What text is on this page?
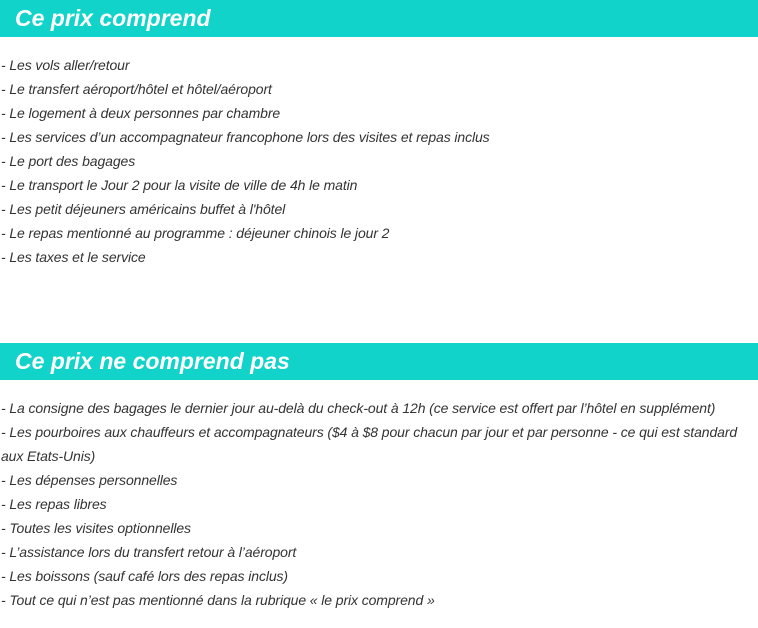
Ce prix comprend
- Les vols aller/retour
- Le transfert aéroport/hôtel et hôtel/aéroport
- Le logement à deux personnes par chambre
- Les services d’un accompagnateur francophone lors des visites et repas inclus
- Le port des bagages
- Le transport le Jour 2 pour la visite de ville de 4h le matin
- Les petit déjeuners américains buffet à l'hôtel
- Le repas mentionné au programme : déjeuner chinois le jour 2
- Les taxes et le service
Ce prix ne comprend pas
- La consigne des bagages le dernier jour au-delà du check-out à 12h (ce service est offert par l’hôtel en supplément)
- Les pourboires aux chauffeurs et accompagnateurs ($4 à $8 pour chacun par jour et par personne - ce qui est standard aux Etats-Unis)
- Les dépenses personnelles
- Les repas libres
- Toutes les visites optionnelles
- L’assistance lors du transfert retour à l’aéroport
- Les boissons (sauf café lors des repas inclus)
- Tout ce qui n’est pas mentionné dans la rubrique « le prix comprend »
